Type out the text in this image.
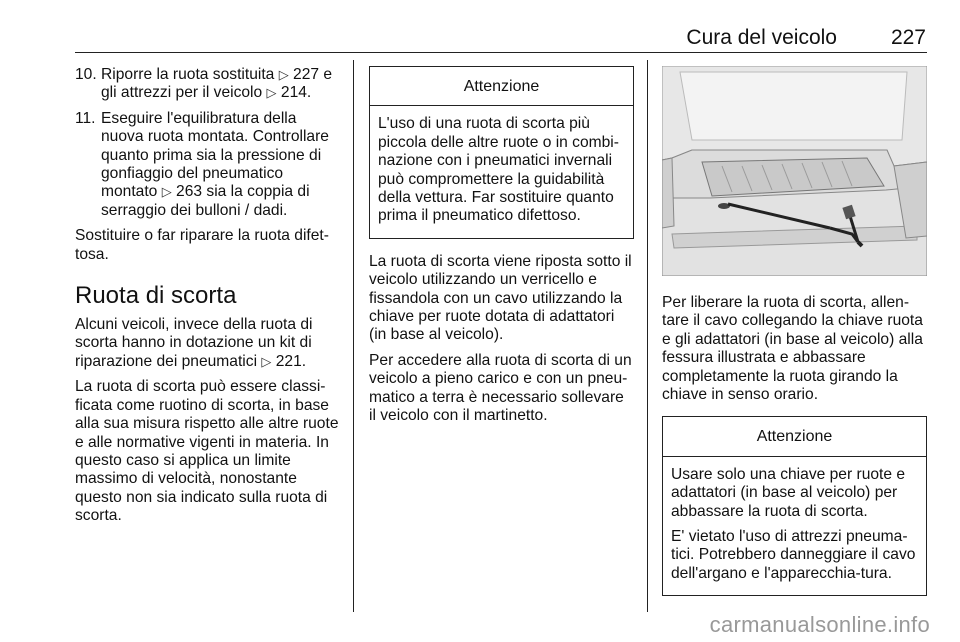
Cura del veicolo	227
10. Riporre la ruota sostituita ▷ 227 e gli attrezzi per il veicolo ▷ 214.
11. Eseguire l'equilibratura della nuova ruota montata. Controllare quanto prima sia la pressione di gonfiaggio del pneumatico montato ▷ 263 sia la coppia di serraggio dei bulloni / dadi.

Sostituire o far riparare la ruota difet-tosa.

Ruota di scorta

Alcuni veicoli, invece della ruota di scorta hanno in dotazione un kit di riparazione dei pneumatici ▷ 221.

La ruota di scorta può essere classi-ficata come ruotino di scorta, in base alla sua misura rispetto alle altre ruote e alle normative vigenti in materia. In questo caso si applica un limite massimo di velocità, nonostante questo non sia indicato sulla ruota di scorta.

Attenzione

L'uso di una ruota di scorta più piccola delle altre ruote o in combi-nazione con i pneumatici invernali può compromettere la guidabilità della vettura. Far sostituire quanto prima il pneumatico difettoso.

La ruota di scorta viene riposta sotto il veicolo utilizzando un verricello e fissandola con un cavo utilizzando la chiave per ruote dotata di adattatori (in base al veicolo).

Per accedere alla ruota di scorta di un veicolo a pieno carico e con un pneu-matico a terra è necessario sollevare il veicolo con il martinetto.

Per liberare la ruota di scorta, allen-tare il cavo collegando la chiave ruota e gli adattatori (in base al veicolo) alla fessura illustrata e abbassare completamente la ruota girando la chiave in senso orario.

Attenzione

Usare solo una chiave per ruote e adattatori (in base al veicolo) per abbassare la ruota di scorta.

E' vietato l'uso di attrezzi pneuma-tici. Potrebbero danneggiare il cavo dell'argano e l'apparecchia-tura.

carmanualsonline.info
